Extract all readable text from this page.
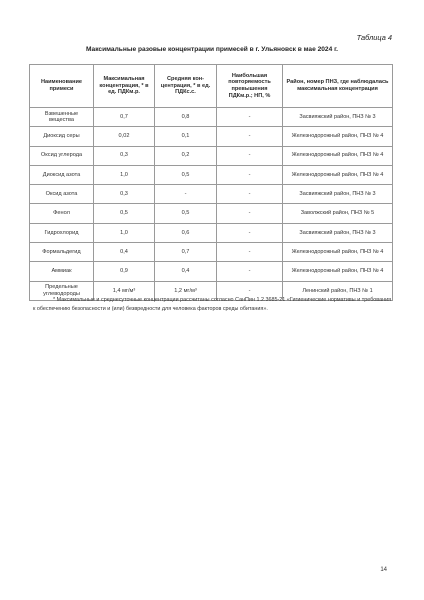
Таблица 4
Максимальные разовые концентрации примесей в г. Ульяновск в мае 2024 г.
Наименование примеси	Максимальная концентрация, * в ед. ПДКм.р.	Средняя кон-центрация, * в ед. ПДКс.с.	Наибольшая повторяемость превышения ПДКм.р.; НП, %	Район, номер ПНЗ, где наблюдалась максимальная концентрация
Взвешенные вещества	0,7	0,8	-	Засвияжский район, ПНЗ № 3
Диоксид серы	0,02	0,1	-	Железнодорожный район, ПНЗ № 4
Оксид углерода	0,3	0,2	-	Железнодорожный район, ПНЗ № 4
Диоксид азота	1,0	0,5	-	Железнодорожный район, ПНЗ № 4
Оксид азота	0,3	-	-	Засвияжский район, ПНЗ № 3
Фенол	0,5	0,5	-	Заволжский район, ПНЗ № 5
Гидрохлорид	1,0	0,6	-	Засвияжский район, ПНЗ № 3
Формальдегид	0,4	0,7	-	Железнодорожный район, ПНЗ № 4
Аммиак	0,9	0,4	-	Железнодорожный район, ПНЗ № 4
Предельные углеводороды	1,4 мг/м³	1,2 мг/м³	-	Ленинский район, ПНЗ № 1
* Максимальные и среднесуточные концентрации рассчитаны согласно СанПин 1.2.3685-21 «Гигиенические нормативы и требования к обеспечению безопасности и (или) безвредности для человека факторов среды обитания».
14
